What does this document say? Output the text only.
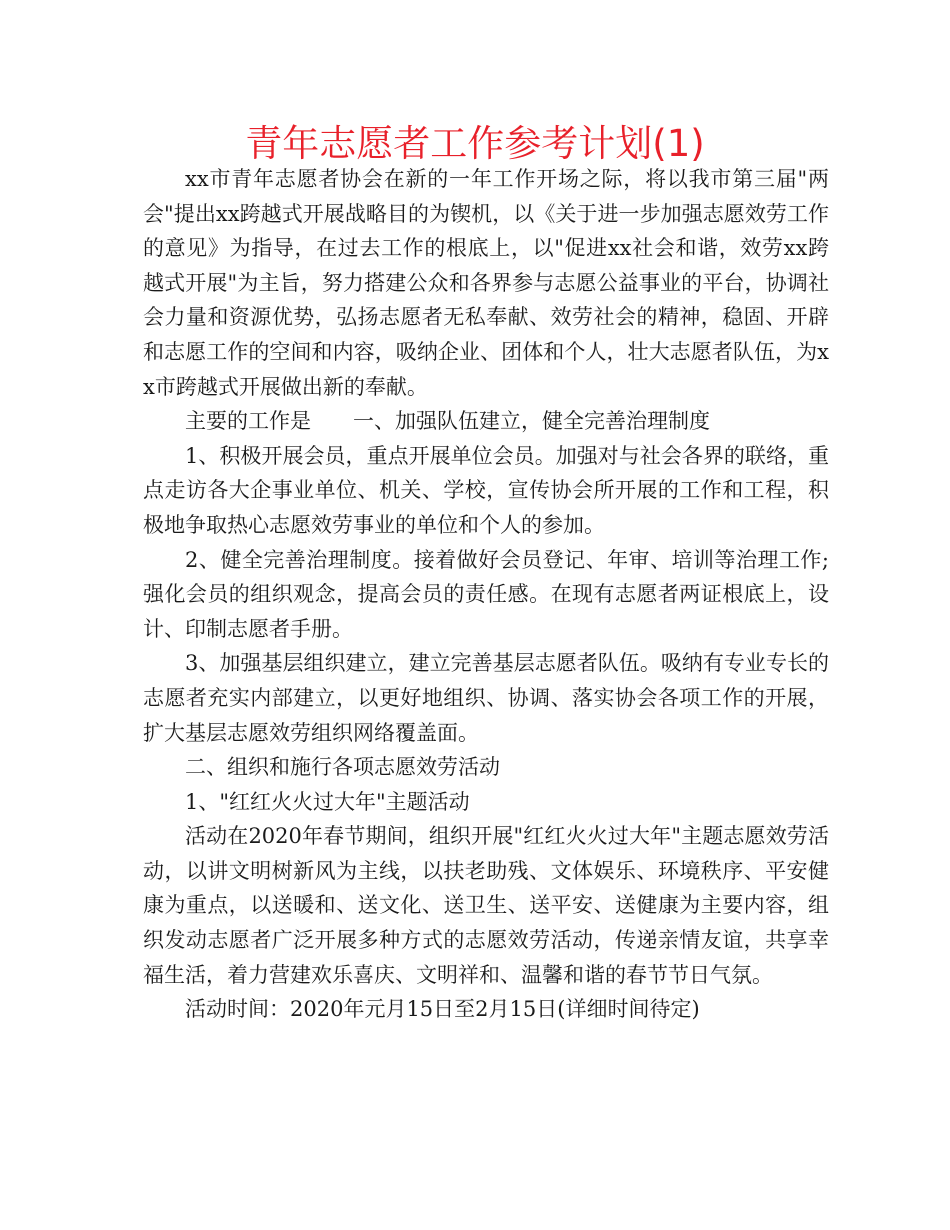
青年志愿者工作参考计划(1)

xx市青年志愿者协会在新的一年工作开场之际，将以我市第三届"两会"提出xx跨越式开展战略目的为锲机，以《关于进一步加强志愿效劳工作的意见》为指导，在过去工作的根底上，以"促进xx社会和谐，效劳xx跨越式开展"为主旨，努力搭建公众和各界参与志愿公益事业的平台，协调社会力量和资源优势，弘扬志愿者无私奉献、效劳社会的精神，稳固、开辟和志愿工作的空间和内容，吸纳企业、团体和个人，壮大志愿者队伍，为xx市跨越式开展做出新的奉献。

主要的工作是　　一、加强队伍建立，健全完善治理制度

1、积极开展会员，重点开展单位会员。加强对与社会各界的联络，重点走访各大企事业单位、机关、学校，宣传协会所开展的工作和工程，积极地争取热心志愿效劳事业的单位和个人的参加。

2、健全完善治理制度。接着做好会员登记、年审、培训等治理工作;强化会员的组织观念，提高会员的责任感。在现有志愿者两证根底上，设计、印制志愿者手册。

3、加强基层组织建立，建立完善基层志愿者队伍。吸纳有专业专长的志愿者充实内部建立，以更好地组织、协调、落实协会各项工作的开展，扩大基层志愿效劳组织网络覆盖面。

二、组织和施行各项志愿效劳活动

1、"红红火火过大年"主题活动

活动在2020年春节期间，组织开展"红红火火过大年"主题志愿效劳活动，以讲文明树新风为主线，以扶老助残、文体娱乐、环境秩序、平安健康为重点，以送暖和、送文化、送卫生、送平安、送健康为主要内容，组织发动志愿者广泛开展多种方式的志愿效劳活动，传递亲情友谊，共享幸福生活，着力营建欢乐喜庆、文明祥和、温馨和谐的春节节日气氛。

活动时间：2020年元月15日至2月15日(详细时间待定)
